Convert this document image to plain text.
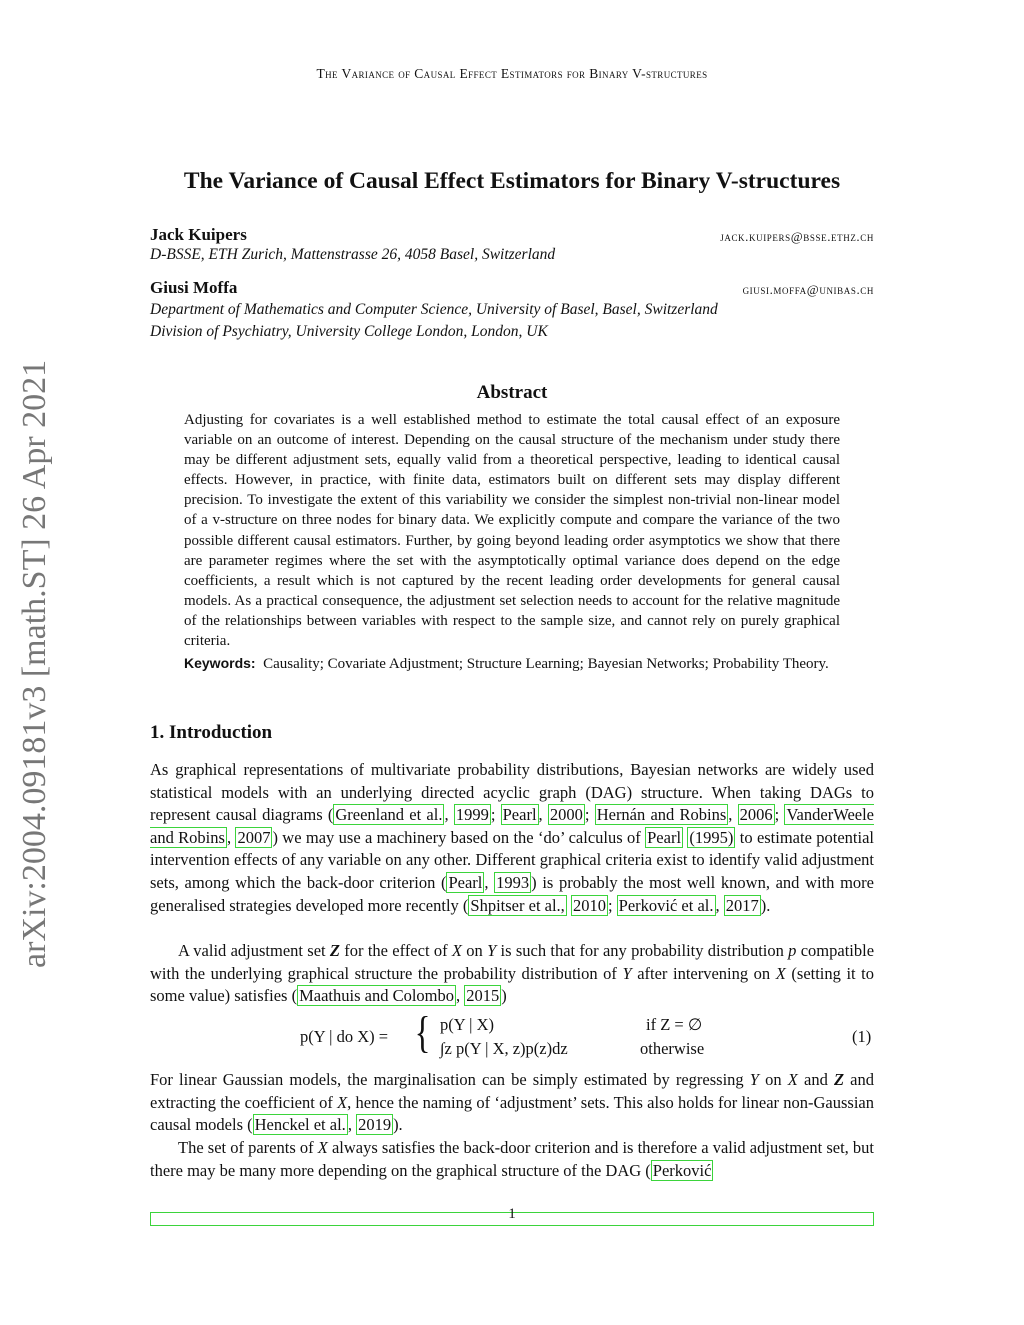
The Variance of Causal Effect Estimators for Binary V-structures
arXiv:2004.09181v3 [math.ST] 26 Apr 2021
The Variance of Causal Effect Estimators for Binary V-structures
Jack Kuipers	jack.kuipers@bsse.ethz.ch
D-BSSE, ETH Zurich, Mattenstrasse 26, 4058 Basel, Switzerland
Giusi Moffa	giusi.moffa@unibas.ch
Department of Mathematics and Computer Science, University of Basel, Basel, Switzerland
Division of Psychiatry, University College London, London, UK
Abstract
Adjusting for covariates is a well established method to estimate the total causal effect of an exposure variable on an outcome of interest. Depending on the causal structure of the mechanism under study there may be different adjustment sets, equally valid from a theoretical perspective, leading to identical causal effects. However, in practice, with finite data, estimators built on different sets may display different precision. To investigate the extent of this variability we consider the simplest non-trivial non-linear model of a v-structure on three nodes for binary data. We explicitly compute and compare the variance of the two possible different causal estimators. Further, by going beyond leading order asymptotics we show that there are parameter regimes where the set with the asymptotically optimal variance does depend on the edge coefficients, a result which is not captured by the recent leading order developments for general causal models. As a practical consequence, the adjustment set selection needs to account for the relative magnitude of the relationships between variables with respect to the sample size, and cannot rely on purely graphical criteria.
Keywords: Causality; Covariate Adjustment; Structure Learning; Bayesian Networks; Probability Theory.
1. Introduction
As graphical representations of multivariate probability distributions, Bayesian networks are widely used statistical models with an underlying directed acyclic graph (DAG) structure. When taking DAGs to represent causal diagrams ( Greenland et al. , 1999 ; Pearl , 2000 ; Hernán and Robins , 2006 ; VanderWeele and Robins , 2007 ) we may use a machinery based on the ‘do’ calculus of Pearl (1995) to estimate potential intervention effects of any variable on any other. Different graphical criteria exist to identify valid adjustment sets, among which the back-door criterion ( Pearl , 1993 ) is probably the most well known, and with more generalised strategies developed more recently ( Shpitser et al., 2010 ; Perković et al. , 2017 ).
A valid adjustment set Z for the effect of X on Y is such that for any probability distribution p compatible with the underlying graphical structure the probability distribution of Y after intervening on X (setting it to some value) satisfies ( Maathuis and Colombo , 2015 )
p(Y | do X) = { p(Y | X)	if Z = ∅
∫z p(Y | X, z)p(z)dz	otherwise
(1)
For linear Gaussian models, the marginalisation can be simply estimated by regressing Y on X and Z and extracting the coefficient of X, hence the naming of ‘adjustment’ sets. This also holds for linear non-Gaussian causal models ( Henckel et al. , 2019 ).
The set of parents of X always satisfies the back-door criterion and is therefore a valid adjustment set, but there may be many more depending on the graphical structure of the DAG ( Perković
1
